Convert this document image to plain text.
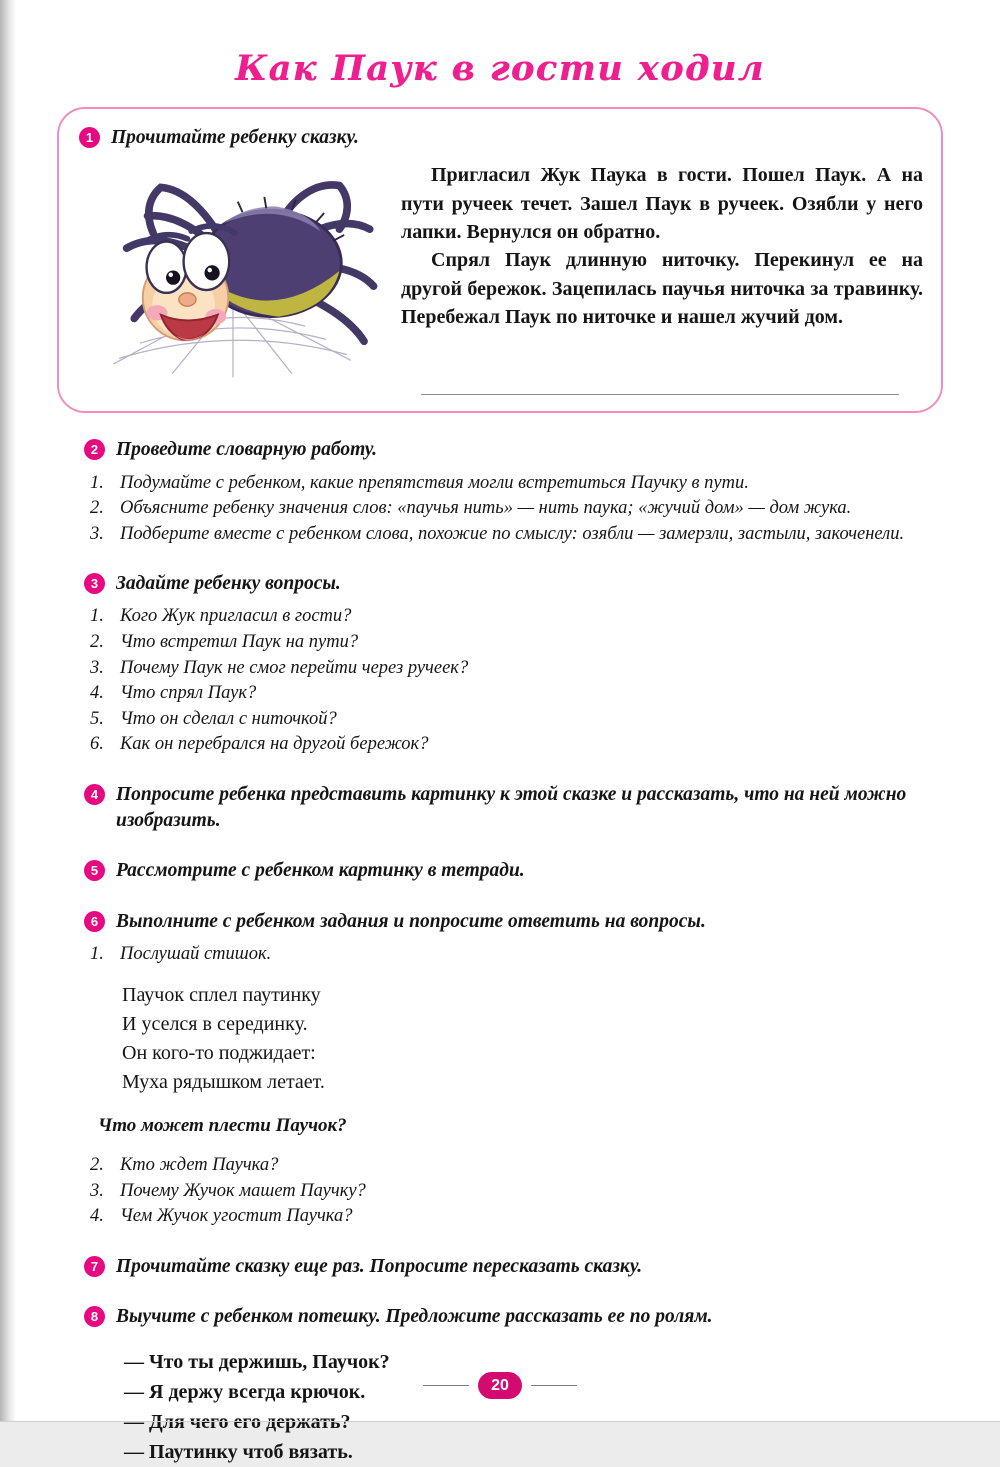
Как Паук в гости ходил
1 Прочитайте ребенку сказку.

Пригласил Жук Паука в гости. Пошел Паук. А на пути ручеек течет. Зашел Паук в ручеек. Озябли у него лапки. Вернулся он обратно.

Спрял Паук длинную ниточку. Перекинул ее на другой бережок. Зацепилась паучья ниточка за травинку. Перебежал Паук по ниточке и нашел жучий дом.

2 Проведите словарную работу.
1. Подумайте с ребенком, какие препятствия могли встретиться Паучку в пути.
2. Объясните ребенку значения слов: «паучья нить» — нить паука; «жучий дом» — дом жука.
3. Подберите вместе с ребенком слова, похожие по смыслу: озябли — замерзли, застыли, закоченели.
3 Задайте ребенку вопросы.
1. Кого Жук пригласил в гости?
2. Что встретил Паук на пути?
3. Почему Паук не смог перейти через ручеек?
4. Что спрял Паук?
5. Что он сделал с ниточкой?
6. Как он перебрался на другой бережок?
4 Попросите ребенка представить картинку к этой сказке и рассказать, что на ней можно изобразить.
5 Рассмотрите с ребенком картинку в тетради.
6 Выполните с ребенком задания и попросите ответить на вопросы.
1. Послушай стишок.
Паучок сплел паутинку
И уселся в серединку.
Он кого-то поджидает:
Муха рядышком летает.
Что может плести Паучок?
2. Кто ждет Паучка?
3. Почему Жучок машет Паучку?
4. Чем Жучок угостит Паучка?
7 Прочитайте сказку еще раз. Попросите пересказать сказку.
8 Выучите с ребенком потешку. Предложите рассказать ее по ролям.
— Что ты держишь, Паучок?
— Я держу всегда крючок.
— Для чего его держать?
— Паутинку чтоб вязать.
20
